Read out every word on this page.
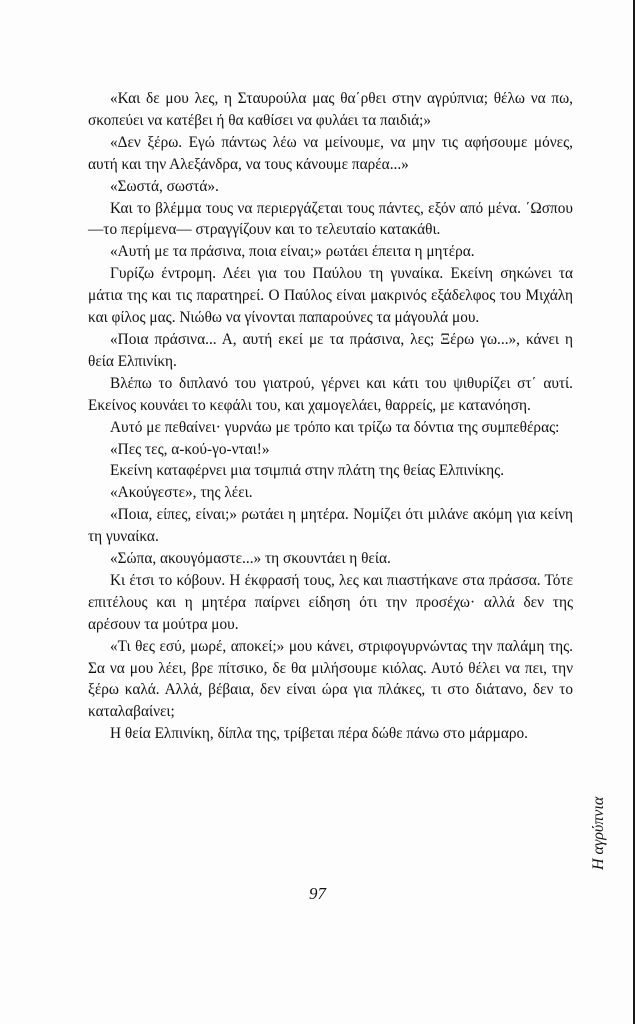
«Και δε μου λες, η Σταυρούλα μας θα΄ρθει στην αγρύπνια; θέλω να πω, σκοπεύει να κατέβει ή θα καθίσει να φυλάει τα παιδιά;»

«Δεν ξέρω. Εγώ πάντως λέω να μείνουμε, να μην τις αφήσουμε μόνες, αυτή και την Αλεξάνδρα, να τους κάνουμε παρέα...»

«Σωστά, σωστά».

Και το βλέμμα τους να περιεργάζεται τους πάντες, εξόν από μένα. ΄Ωσπου —το περίμενα— στραγγίζουν και το τελευταίο κατακάθι.

«Αυτή με τα πράσινα, ποια είναι;» ρωτάει έπειτα η μητέρα.

Γυρίζω έντρομη. Λέει για του Παύλου τη γυναίκα. Εκείνη σηκώνει τα μάτια της και τις παρατηρεί. Ο Παύλος είναι μακρινός εξάδελφος του Μιχάλη και φίλος μας. Νιώθω να γίνονται παπαρούνες τα μάγουλά μου.

«Ποια πράσινα... Α, αυτή εκεί με τα πράσινα, λες; Ξέρω γω...», κάνει η θεία Ελπινίκη.

Βλέπω το διπλανό του γιατρού, γέρνει και κάτι του ψιθυρίζει στ΄ αυτί. Εκείνος κουνάει το κεφάλι του, και χαμογελάει, θαρρείς, με κατανόηση.

Αυτό με πεθαίνει· γυρνάω με τρόπο και τρίζω τα δόντια της συμπεθέρας:

«Πες τες, α-κού-γο-νται!»

Εκείνη καταφέρνει μια τσιμπιά στην πλάτη της θείας Ελπινίκης.

«Ακούγεστε», της λέει.

«Ποια, είπες, είναι;» ρωτάει η μητέρα. Νομίζει ότι μιλάνε ακόμη για κείνη τη γυναίκα.

«Σώπα, ακουγόμαστε...» τη σκουντάει η θεία.

Κι έτσι το κόβουν. Η έκφρασή τους, λες και πιαστήκανε στα πράσσα. Τότε επιτέλους και η μητέρα παίρνει είδηση ότι την προσέχω· αλλά δεν της αρέσουν τα μούτρα μου.

«Τι θες εσύ, μωρέ, αποκεί;» μου κάνει, στριφογυρνώντας την παλάμη της. Σα να μου λέει, βρε πίτσικο, δε θα μιλήσουμε κιόλας. Αυτό θέλει να πει, την ξέρω καλά. Αλλά, βέβαια, δεν είναι ώρα για πλάκες, τι στο διάτανο, δεν το καταλαβαίνει;

Η θεία Ελπινίκη, δίπλα της, τρίβεται πέρα δώθε πάνω στο μάρμαρο.

97
Η αγρύπνια
